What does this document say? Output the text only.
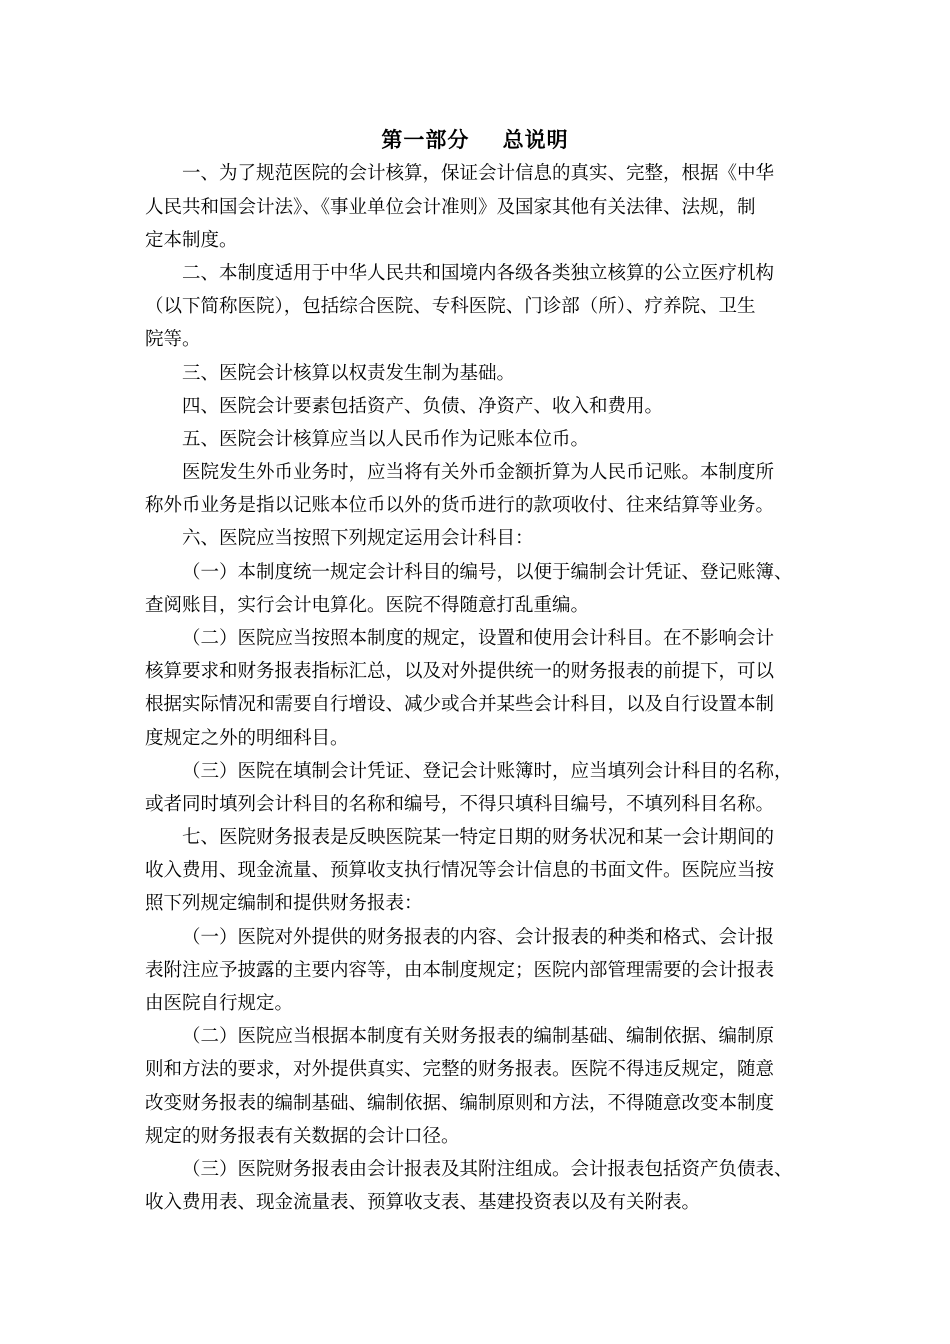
第一部分    总说明
一、为了规范医院的会计核算，保证会计信息的真实、完整，根据《中华
人民共和国会计法》、《事业单位会计准则》及国家其他有关法律、法规，制
定本制度。
二、本制度适用于中华人民共和国境内各级各类独立核算的公立医疗机构
（以下简称医院），包括综合医院、专科医院、门诊部（所）、疗养院、卫生
院等。
三、医院会计核算以权责发生制为基础。
四、医院会计要素包括资产、负债、净资产、收入和费用。
五、医院会计核算应当以人民币作为记账本位币。
医院发生外币业务时，应当将有关外币金额折算为人民币记账。本制度所
称外币业务是指以记账本位币以外的货币进行的款项收付、往来结算等业务。
六、医院应当按照下列规定运用会计科目：
（一）本制度统一规定会计科目的编号，以便于编制会计凭证、登记账簿、
查阅账目，实行会计电算化。医院不得随意打乱重编。
（二）医院应当按照本制度的规定，设置和使用会计科目。在不影响会计
核算要求和财务报表指标汇总，以及对外提供统一的财务报表的前提下，可以
根据实际情况和需要自行增设、减少或合并某些会计科目，以及自行设置本制
度规定之外的明细科目。
（三）医院在填制会计凭证、登记会计账簿时，应当填列会计科目的名称，
或者同时填列会计科目的名称和编号，不得只填科目编号，不填列科目名称。
七、医院财务报表是反映医院某一特定日期的财务状况和某一会计期间的
收入费用、现金流量、预算收支执行情况等会计信息的书面文件。医院应当按
照下列规定编制和提供财务报表：
（一）医院对外提供的财务报表的内容、会计报表的种类和格式、会计报
表附注应予披露的主要内容等，由本制度规定；医院内部管理需要的会计报表
由医院自行规定。
（二）医院应当根据本制度有关财务报表的编制基础、编制依据、编制原
则和方法的要求，对外提供真实、完整的财务报表。医院不得违反规定，随意
改变财务报表的编制基础、编制依据、编制原则和方法，不得随意改变本制度
规定的财务报表有关数据的会计口径。
（三）医院财务报表由会计报表及其附注组成。会计报表包括资产负债表、
收入费用表、现金流量表、预算收支表、基建投资表以及有关附表。
